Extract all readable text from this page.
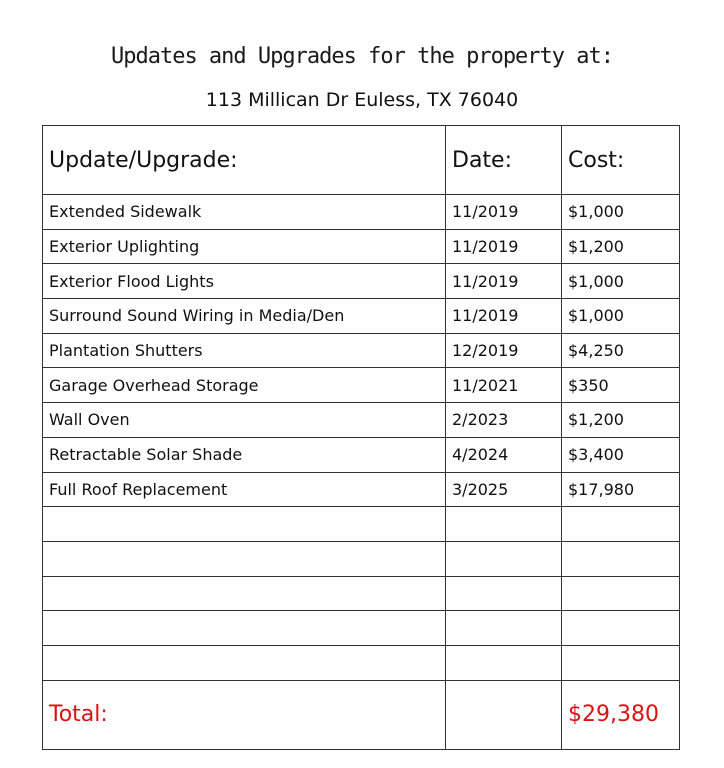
Updates and Upgrades for the property at:
113 Millican Dr Euless, TX 76040
Update/Upgrade:	Date:	Cost:
Extended Sidewalk	11/2019	$1,000
Exterior Uplighting	11/2019	$1,200
Exterior Flood Lights	11/2019	$1,000
Surround Sound Wiring in Media/Den	11/2019	$1,000
Plantation Shutters	12/2019	$4,250
Garage Overhead Storage	11/2021	$350
Wall Oven	2/2023	$1,200
Retractable Solar Shade	4/2024	$3,400
Full Roof Replacement	3/2025	$17,980

Total:		$29,380
